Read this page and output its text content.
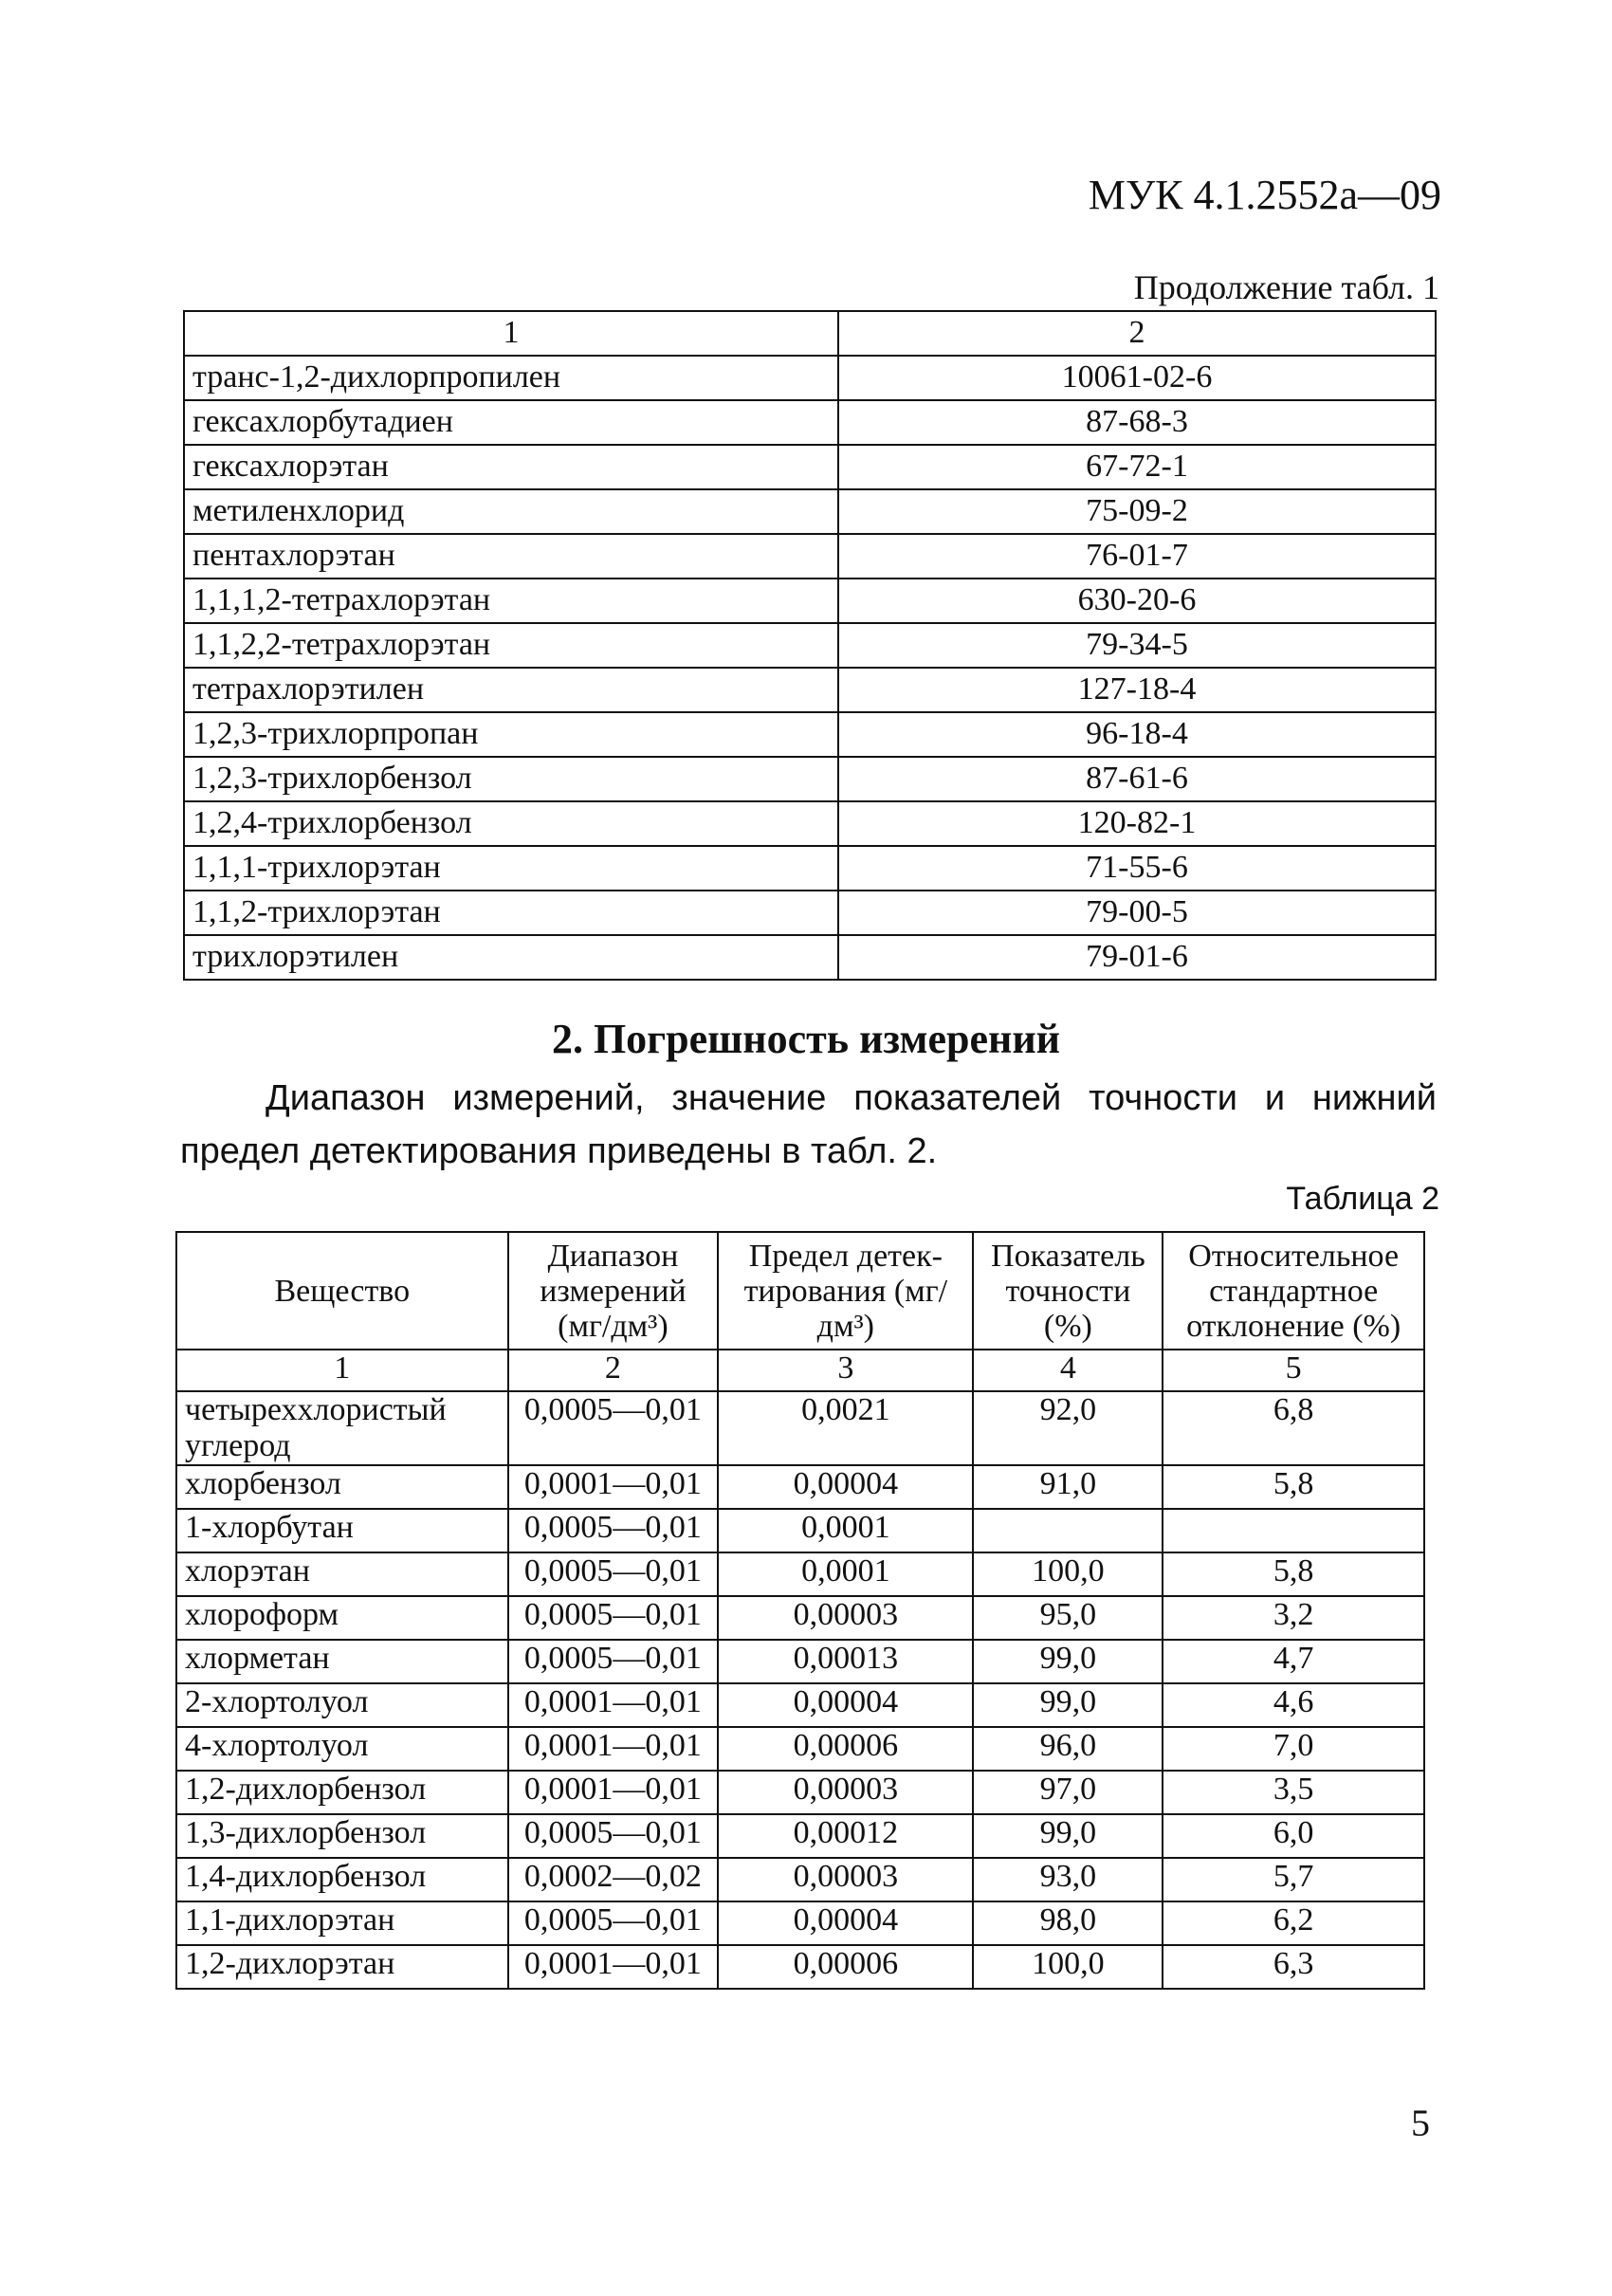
МУК 4.1.2552а—09
Продолжение табл. 1
1	2
транс-1,2-дихлорпропилен	10061-02-6
гексахлорбутадиен	87-68-3
гексахлорэтан	67-72-1
метиленхлорид	75-09-2
пентахлорэтан	76-01-7
1,1,1,2-тетрахлорэтан	630-20-6
1,1,2,2-тетрахлорэтан	79-34-5
тетрахлорэтилен	127-18-4
1,2,3-трихлорпропан	96-18-4
1,2,3-трихлорбензол	87-61-6
1,2,4-трихлорбензол	120-82-1
1,1,1-трихлорэтан	71-55-6
1,1,2-трихлорэтан	79-00-5
трихлорэтилен	79-01-6
2. Погрешность измерений
Диапазон измерений, значение показателей точности и нижний предел детектирования приведены в табл. 2.
Таблица 2
Вещество	Диапазон измерений (мг/дм³)	Предел детек-тирования (мг/дм³)	Показатель точности (%)	Относительное стандартное отклонение (%)
1	2	3	4	5
четыреххлористый углерод	0,0005—0,01	0,0021	92,0	6,8
хлорбензол	0,0001—0,01	0,00004	91,0	5,8
1-хлорбутан	0,0005—0,01	0,0001		
хлорэтан	0,0005—0,01	0,0001	100,0	5,8
хлороформ	0,0005—0,01	0,00003	95,0	3,2
хлорметан	0,0005—0,01	0,00013	99,0	4,7
2-хлортолуол	0,0001—0,01	0,00004	99,0	4,6
4-хлортолуол	0,0001—0,01	0,00006	96,0	7,0
1,2-дихлорбензол	0,0001—0,01	0,00003	97,0	3,5
1,3-дихлорбензол	0,0005—0,01	0,00012	99,0	6,0
1,4-дихлорбензол	0,0002—0,02	0,00003	93,0	5,7
1,1-дихлорэтан	0,0005—0,01	0,00004	98,0	6,2
1,2-дихлорэтан	0,0001—0,01	0,00006	100,0	6,3
5
